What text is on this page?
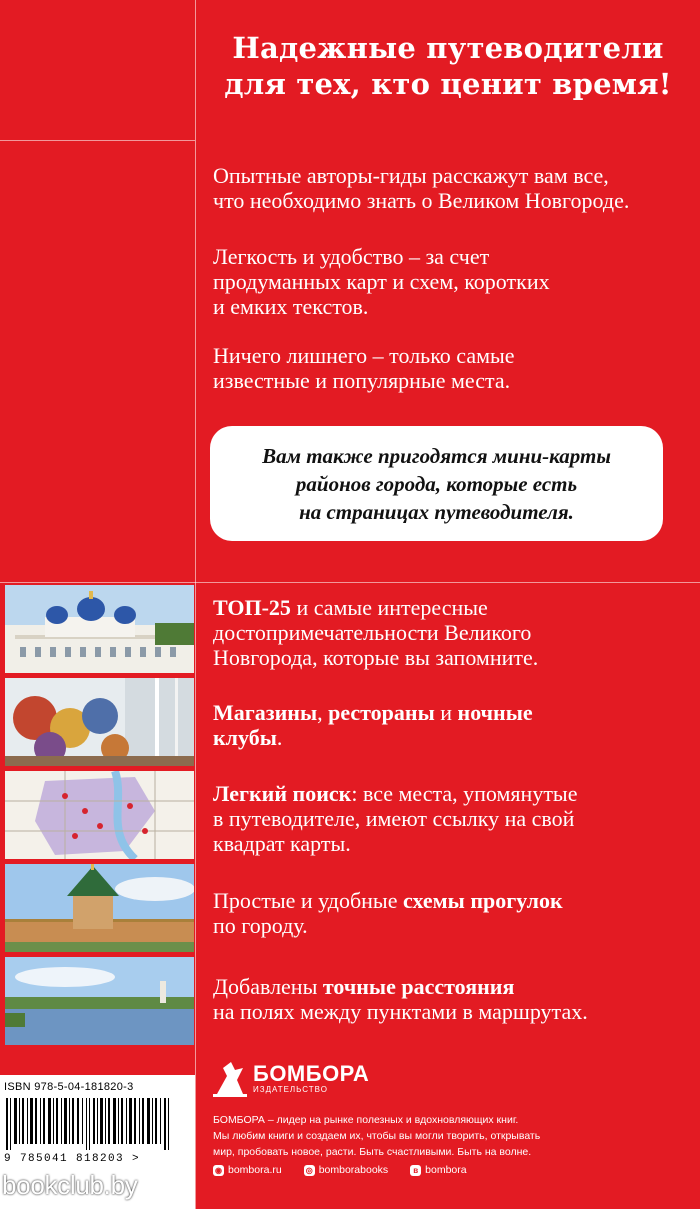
Надежные путеводители
для тех, кто ценит время!
Опытные авторы-гиды расскажут вам все,
что необходимо знать о Великом Новгороде.
Легкость и удобство – за счет
продуманных карт и схем, коротких
и емких текстов.
Ничего лишнего – только самые
известные и популярные места.
Вам также пригодятся мини-карты
районов города, которые есть
на страницах путеводителя.
ТОП-25 и самые интересные
достопримечательности Великого
Новгорода, которые вы запомните.
Магазины, рестораны и ночные
клубы.
Легкий поиск: все места, упомянутые
в путеводителе, имеют ссылку на свой
квадрат карты.
Простые и удобные схемы прогулок
по городу.
Добавлены точные расстояния
на полях между пунктами в маршрутах.
ISBN 978-5-04-181820-3
9 785041 818203 >
bookclub.by
БОМБОРА
ИЗДАТЕЛЬСТВО
БОМБОРА – лидер на рынке полезных и вдохновляющих книг.
Мы любим книги и создаем их, чтобы вы могли творить, открывать
мир, пробовать новое, расти. Быть счастливыми. Быть на волне.
◉ bombora.ru	◎ bomborabooks	в bombora
